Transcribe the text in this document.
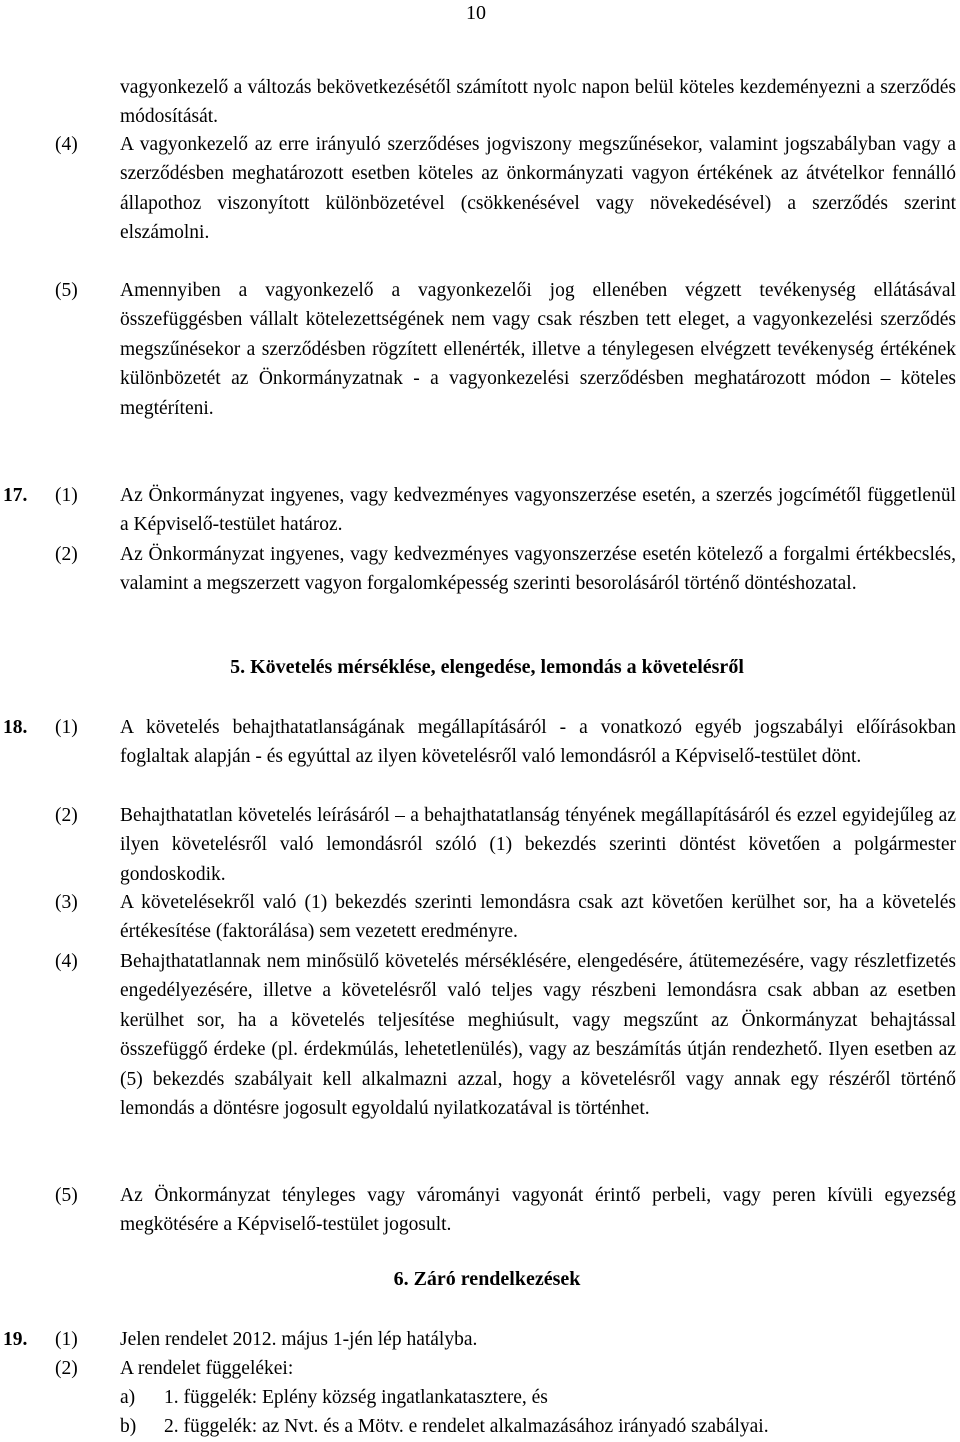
10
vagyonkezelő a változás bekövetkezésétől számított nyolc napon belül köteles kezdeményezni a szerződés módosítását.
(4) A vagyonkezelő az erre irányuló szerződéses jogviszony megszűnésekor, valamint jogszabályban vagy a szerződésben meghatározott esetben köteles az önkormányzati vagyon értékének az átvételkor fennálló állapothoz viszonyított különbözetével (csökkenésével vagy növekedésével) a szerződés szerint elszámolni.
(5) Amennyiben a vagyonkezelő a vagyonkezelői jog ellenében végzett tevékenység ellátásával összefüggésben vállalt kötelezettségének nem vagy csak részben tett eleget, a vagyonkezelési szerződés megszűnésekor a szerződésben rögzített ellenérték, illetve a ténylegesen elvégzett tevékenység értékének különbözetét az Önkormányzatnak - a vagyonkezelési szerződésben meghatározott módon – köteles megtéríteni.
17. (1) Az Önkormányzat ingyenes, vagy kedvezményes vagyonszerzése esetén, a szerzés jogcímétől függetlenül a Képviselő-testület határoz.
(2) Az Önkormányzat ingyenes, vagy kedvezményes vagyonszerzése esetén kötelező a forgalmi értékbecslés, valamint a megszerzett vagyon forgalomképesség szerinti besorolásáról történő döntéshozatal.
5. Követelés mérséklése, elengedése, lemondás a követelésről
18. (1) A követelés behajthatatlanságának megállapításáról - a vonatkozó egyéb jogszabályi előírásokban foglaltak alapján - és egyúttal az ilyen követelésről való lemondásról a Képviselő-testület dönt.
(2) Behajthatatlan követelés leírásáról – a behajthatatlanság tényének megállapításáról és ezzel egyidejűleg az ilyen követelésről való lemondásról szóló (1) bekezdés szerinti döntést követően a polgármester gondoskodik.
(3) A követelésekről való (1) bekezdés szerinti lemondásra csak azt követően kerülhet sor, ha a követelés értékesítése (faktorálása) sem vezetett eredményre.
(4) Behajthatatlannak nem minősülő követelés mérséklésére, elengedésére, átütemezésére, vagy részletfizetés engedélyezésére, illetve a követelésről való teljes vagy részbeni lemondásra csak abban az esetben kerülhet sor, ha a követelés teljesítése meghiúsult, vagy megszűnt az Önkormányzat behajtással összefüggő érdeke (pl. érdekmúlás, lehetetlenülés), vagy az beszámítás útján rendezhető. Ilyen esetben az (5) bekezdés szabályait kell alkalmazni azzal, hogy a követelésről vagy annak egy részéről történő lemondás a döntésre jogosult egyoldalú nyilatkozatával is történhet.
(5) Az Önkormányzat tényleges vagy várományi vagyonát érintő perbeli, vagy peren kívüli egyezség megkötésére a Képviselő-testület jogosult.
6. Záró rendelkezések
19. (1) Jelen rendelet 2012. május 1-jén lép hatályba.
(2) A rendelet függelékei:
a) 1. függelék: Eplény község ingatlankatasztere, és
b) 2. függelék: az Nvt. és a Mötv. e rendelet alkalmazásához irányadó szabályai.
